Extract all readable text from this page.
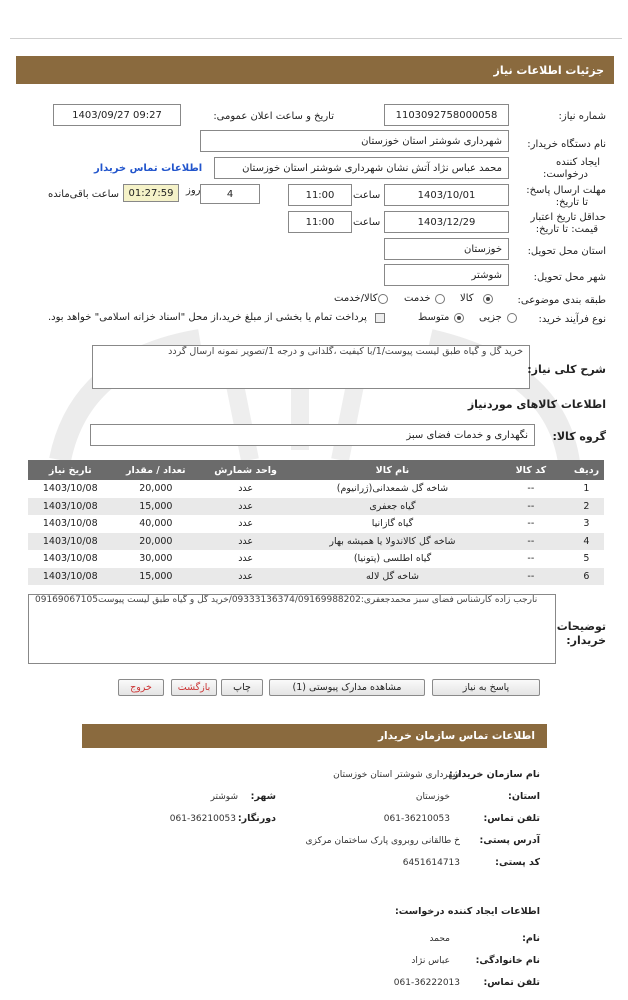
جزئیات اطلاعات نیاز
شماره نیاز:
1103092758000058
تاریخ و ساعت اعلان عمومی:
1403/09/27 09:27
نام دستگاه خریدار:
شهرداری شوشتر استان خوزستان
ایجاد کننده
درخواست:
محمد عباس نژاد آتش نشان شهرداری شوشتر استان خوزستان
اطلاعات تماس خریدار
مهلت ارسال پاسخ:
تا تاریخ:
1403/10/01
ساعت
11:00
4
روز
01:27:59
ساعت باقی‌مانده
حداقل تاریخ اعتبار
قیمت: تا تاریخ:
1403/12/29
ساعت
11:00
استان محل تحویل:
خوزستان
شهر محل تحویل:
شوشتر
طبقه بندی موضوعی:
کالا
خدمت
کالا/خدمت
نوع فرآیند خرید:
جزیی
متوسط
پرداخت تمام یا بخشی از مبلغ خرید،از محل "اسناد خزانه اسلامی" خواهد بود.
خرید گل و گیاه طبق لیست پیوست/1/با کیفیت ،گلدانی و درجه 1/تصویر نمونه ارسال گردد
شرح کلی نیاز:
اطلاعات کالاهای موردنیاز
نگهداری و خدمات فضای سبز	گروه کالا:
ردیف	کد کالا	نام کالا	واحد شمارش	تعداد / مقدار	تاریخ نیاز
1	--	شاخه گل شمعدانی(ژرانیوم)	عدد	20,000	1403/10/08
2	--	گیاه جعفری	عدد	15,000	1403/10/08
3	--	گیاه گازانیا	عدد	40,000	1403/10/08
4	--	شاخه گل کالاندولا یا همیشه بهار	عدد	20,000	1403/10/08
5	--	گیاه اطلسی (پتونیا)	عدد	30,000	1403/10/08
6	--	شاخه گل لاله	عدد	15,000	1403/10/08
09169067105نارجب زاده کارشناس فضای سبز محمدجعفری:09333136374/09169988202/خرید گل و گیاه طبق لیست پیوست
توضیحات
خریدار:
پاسخ به نیاز
مشاهده مدارک پیوستی (1)
چاپ
بازگشت
خروج
اطلاعات تماس سازمان خریدار
نام سازمان خریدار:
شهرداری شوشتر استان خوزستان
استان:
خوزستان
شهر:
شوشتر
تلفن تماس:
061-36210053
دورنگار:
061-36210053
آدرس پستی:
خ طالقانی روبروی پارک ساختمان مرکزی
کد پستی:
6451614713
اطلاعات ایجاد کننده درخواست:
نام:
محمد
نام خانوادگی:
عباس نژاد
تلفن تماس:
061-36222013
